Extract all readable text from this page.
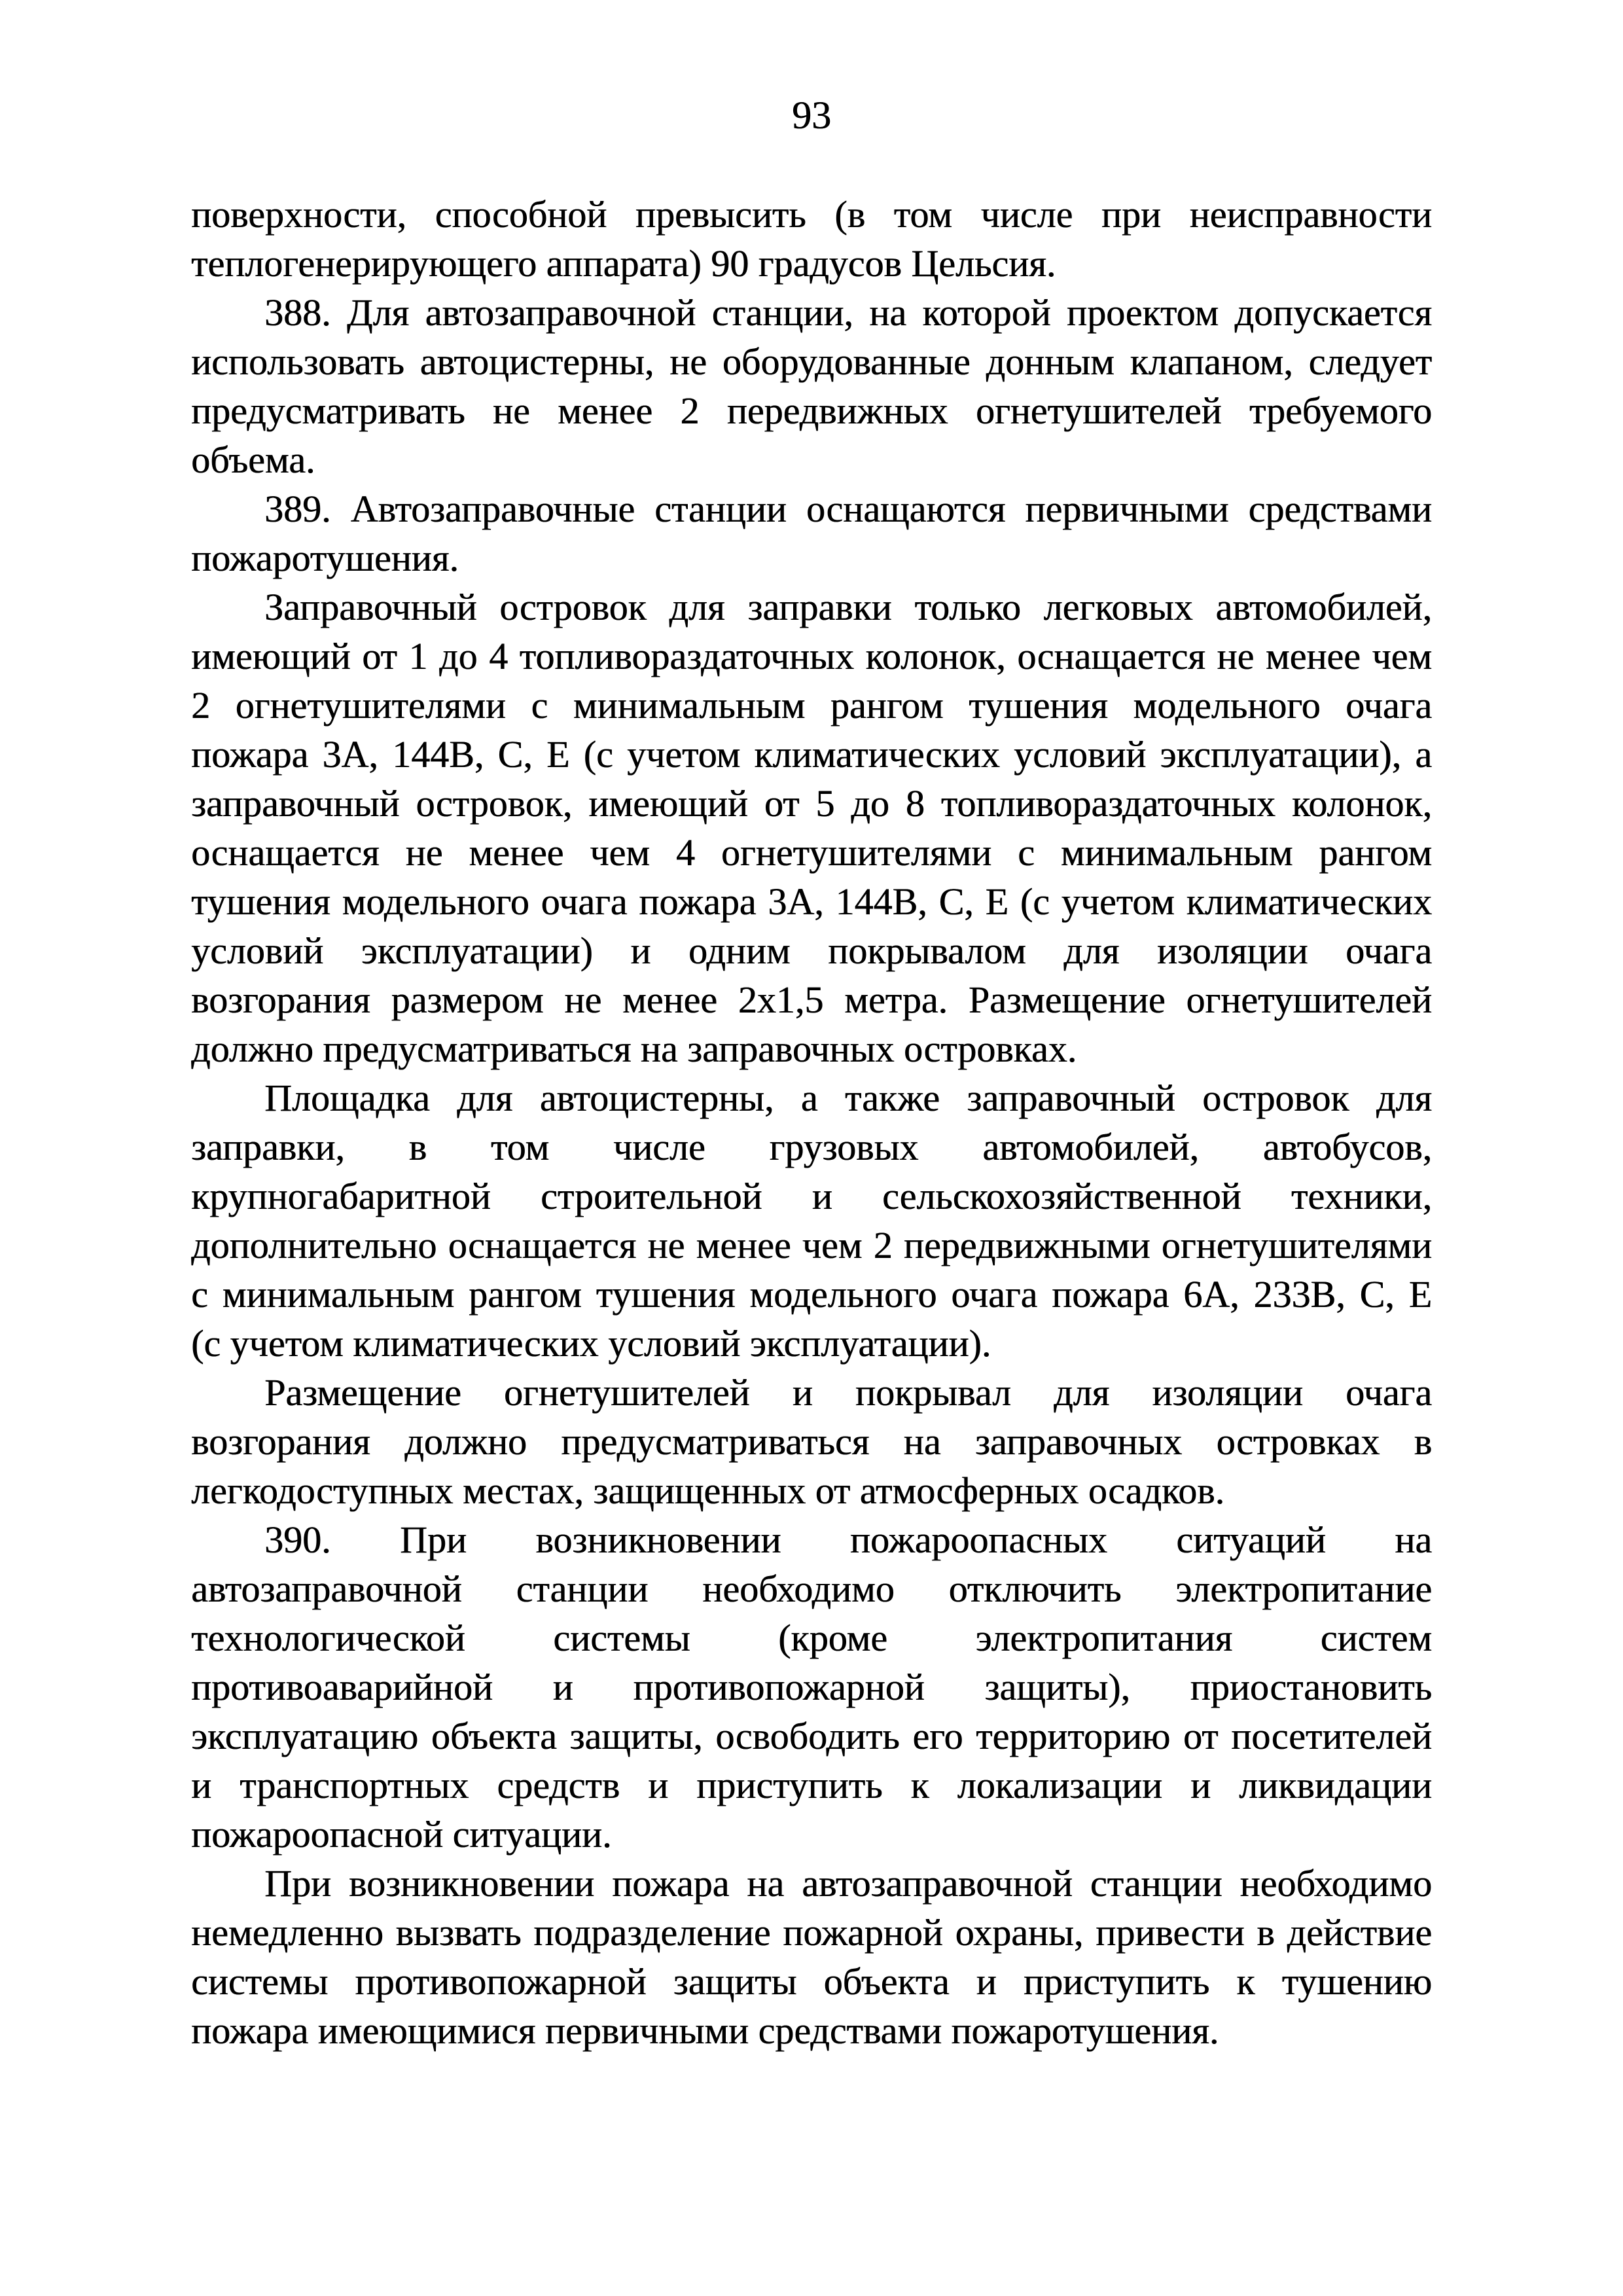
93
поверхности, способной превысить (в том числе при неисправности
теплогенерирующего аппарата) 90 градусов Цельсия.
388. Для автозаправочной станции, на которой проектом допускается
использовать автоцистерны, не оборудованные донным клапаном, следует
предусматривать не менее 2 передвижных огнетушителей требуемого
объема.
389. Автозаправочные станции оснащаются первичными средствами
пожаротушения.
Заправочный островок для заправки только легковых автомобилей,
имеющий от 1 до 4 топливораздаточных колонок, оснащается не менее чем
2 огнетушителями с минимальным рангом тушения модельного очага
пожара 3А, 144В, С, Е (с учетом климатических условий эксплуатации), а
заправочный островок, имеющий от 5 до 8 топливораздаточных колонок,
оснащается не менее чем 4 огнетушителями с минимальным рангом
тушения модельного очага пожара 3А, 144В, С, Е (с учетом климатических
условий эксплуатации) и одним покрывалом для изоляции очага
возгорания размером не менее 2х1,5 метра. Размещение огнетушителей
должно предусматриваться на заправочных островках.
Площадка для автоцистерны, а также заправочный островок для
заправки, в том числе грузовых автомобилей, автобусов,
крупногабаритной строительной и сельскохозяйственной техники,
дополнительно оснащается не менее чем 2 передвижными огнетушителями
с минимальным рангом тушения модельного очага пожара 6А, 233В, С, Е
(с учетом климатических условий эксплуатации).
Размещение огнетушителей и покрывал для изоляции очага
возгорания должно предусматриваться на заправочных островках в
легкодоступных местах, защищенных от атмосферных осадков.
390. При возникновении пожароопасных ситуаций на
автозаправочной станции необходимо отключить электропитание
технологической системы (кроме электропитания систем
противоаварийной и противопожарной защиты), приостановить
эксплуатацию объекта защиты, освободить его территорию от посетителей
и транспортных средств и приступить к локализации и ликвидации
пожароопасной ситуации.
При возникновении пожара на автозаправочной станции необходимо
немедленно вызвать подразделение пожарной охраны, привести в действие
системы противопожарной защиты объекта и приступить к тушению
пожара имеющимися первичными средствами пожаротушения.
